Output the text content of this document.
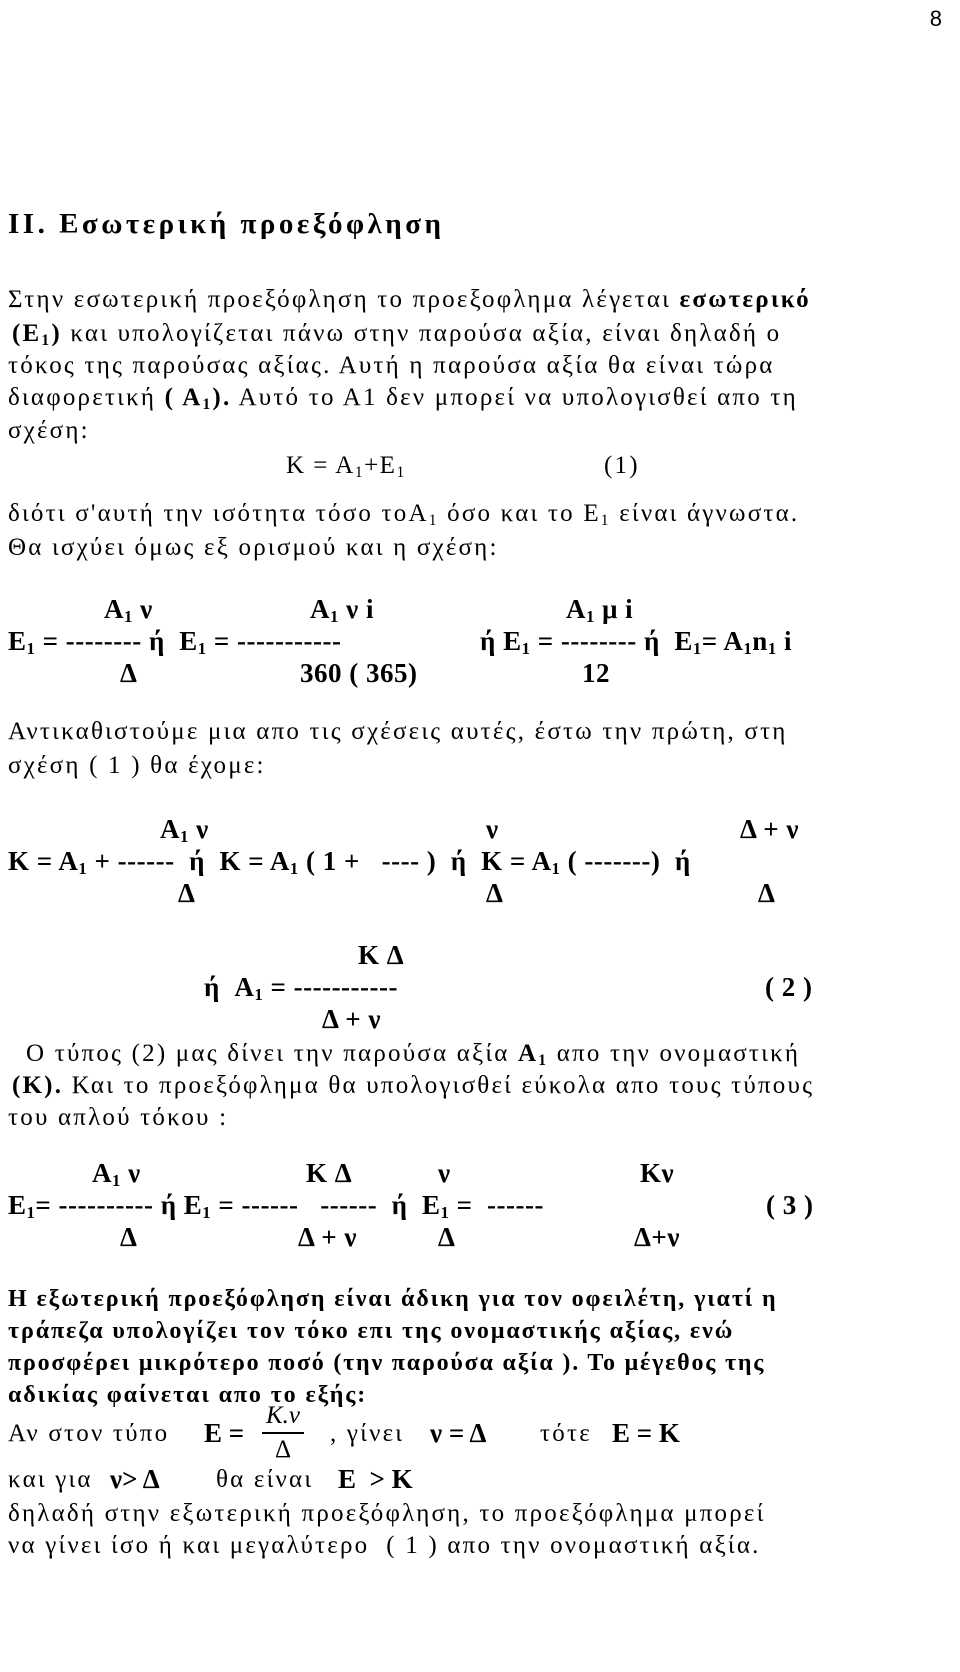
8
II. Εσωτερική προεξόφληση
Στην εσωτερική προεξόφληση το προεξοφλημα λέγεται εσωτερικό
$(E_1)$ και υπολογίζεται πάνω στην παρούσα αξία, είναι δηλαδή ο
τόκος της παρούσας αξίας. Αυτή η παρούσα αξία θα είναι τώρα
διαφορετική ( $A_1$). Αυτό το Α1 δεν μπορεί να υπολογισθεί απο τη
σχέση:
$K = A_1+E_1$	(1)
διότι σ'αυτή την ισότητα τόσο τοA$_1$ όσο και το $E_1$ είναι άγνωστα.
Θα ισχύει όμως εξ ορισμού και η σχέση:
$A_1$ ν	$A_1$ ν i	$A_1$ μ i
$E_1$ = -------- ή  $E_1$ = -----------	ή $E_1$ = -------- ή  $E_1= A_1n_1$ i
Δ	360 ( 365)	12
Αντικαθιστούμε μια απο τις σχέσεις αυτές, έστω την πρώτη, στη
σχέση ( 1 ) θα έχομε:
$A_1$ ν	ν	Δ + ν
$K = A_1$ + ------  ή  $K = A_1$ ( 1 +   ---- )  ή  $K = A_1$ ( -------)  ή
Δ	Δ	Δ
K Δ
ή  $A_1$ = -----------	( 2 )
Δ + ν
Ο τύπος (2) μας δίνει την παρούσα αξία $A_1$ απο την ονομαστική
(K). Και το προεξόφλημα θα υπολογισθεί εύκολα απο τους τύπους
του απλού τόκου :
$A_1$ ν	K Δ	ν	Kν
$E_1=$ ---------- ή $E_1$ = ------   ------  ή  $E_1$ =  ------	( 3 )
Δ	Δ + ν	Δ	Δ+ν
Η εξωτερική προεξόφληση είναι άδικη για τον οφειλέτη, γιατί η
τράπεζα υπολογίζει τον τόκο επι της ονομαστικής αξίας, ενώ
προσφέρει μικρότερο ποσό (την παρούσα αξία ). Το μέγεθος της
αδικίας φαίνεται απο το εξής:
Αν στον τύπο $E = \frac{K.\nu}{\Delta}$ , γίνει ν = Δ τότε E = K
και για ν> Δ θα είναι E  > K
δηλαδή στην εξωτερική προεξόφληση, το προεξόφλημα μπορεί
να γίνει ίσο ή και μεγαλύτερο  ( 1 ) απο την ονομαστική αξία.
